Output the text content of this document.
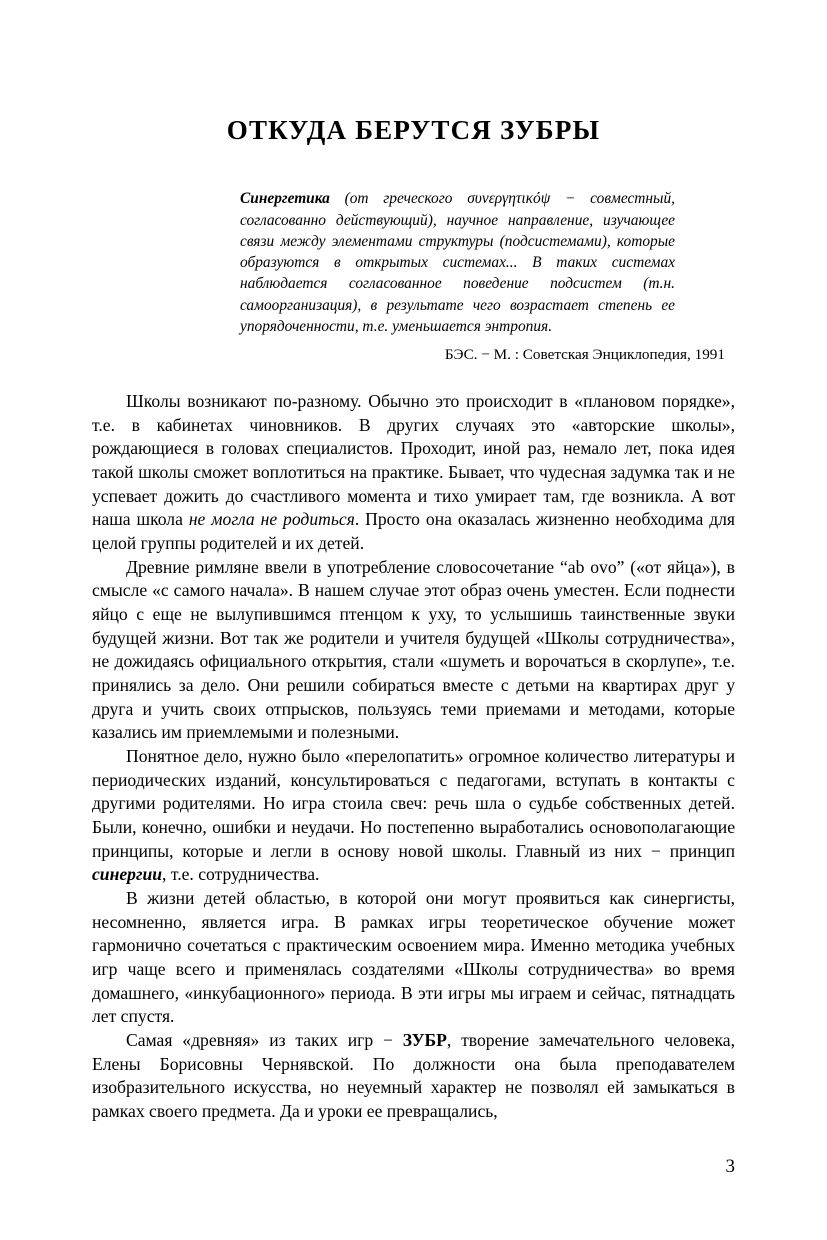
ОТКУДА БЕРУТСЯ ЗУБРЫ
Синергетика (от греческого συνεργητικόψ − совместный, согласованно действующий), научное направление, изучающее связи между элементами структуры (подсистемами), которые образуются в открытых системах... В таких системах наблюдается согласованное поведение подсистем (т.н. самоорганизация), в результате чего возрастает степень ее упорядоченности, т.е. уменьшается энтропия.
БЭС. − М. : Советская Энциклопедия, 1991

Школы возникают по-разному. Обычно это происходит в «плановом порядке», т.е. в кабинетах чиновников. В других случаях это «авторские школы», рождающиеся в головах специалистов. Проходит, иной раз, немало лет, пока идея такой школы сможет воплотиться на практике. Бывает, что чудесная задумка так и не успевает дожить до счастливого момента и тихо умирает там, где возникла. А вот наша школа не могла не родиться. Просто она оказалась жизненно необходима для целой группы родителей и их детей.

Древние римляне ввели в употребление словосочетание “ab ovo” («от яйца»), в смысле «с самого начала». В нашем случае этот образ очень уместен. Если поднести яйцо с еще не вылупившимся птенцом к уху, то услышишь таинственные звуки будущей жизни. Вот так же родители и учителя будущей «Школы сотрудничества», не дожидаясь официального открытия, стали «шуметь и ворочаться в скорлупе», т.е. принялись за дело. Они решили собираться вместе с детьми на квартирах друг у друга и учить своих отпрысков, пользуясь теми приемами и методами, которые казались им приемлемыми и полезными.

Понятное дело, нужно было «перелопатить» огромное количество литературы и периодических изданий, консультироваться с педагогами, вступать в контакты с другими родителями. Но игра стоила свеч: речь шла о судьбе собственных детей. Были, конечно, ошибки и неудачи. Но постепенно выработались основополагающие принципы, которые и легли в основу новой школы. Главный из них − принцип синергии, т.е. сотрудничества.

В жизни детей областью, в которой они могут проявиться как синергисты, несомненно, является игра. В рамках игры теоретическое обучение может гармонично сочетаться с практическим освоением мира. Именно методика учебных игр чаще всего и применялась создателями «Школы сотрудничества» во время домашнего, «инкубационного» периода. В эти игры мы играем и сейчас, пятнадцать лет спустя.

Самая «древняя» из таких игр − ЗУБР, творение замечательного человека, Елены Борисовны Чернявской. По должности она была преподавателем изобразительного искусства, но неуемный характер не позволял ей замыкаться в рамках своего предмета. Да и уроки ее превращались,

3
